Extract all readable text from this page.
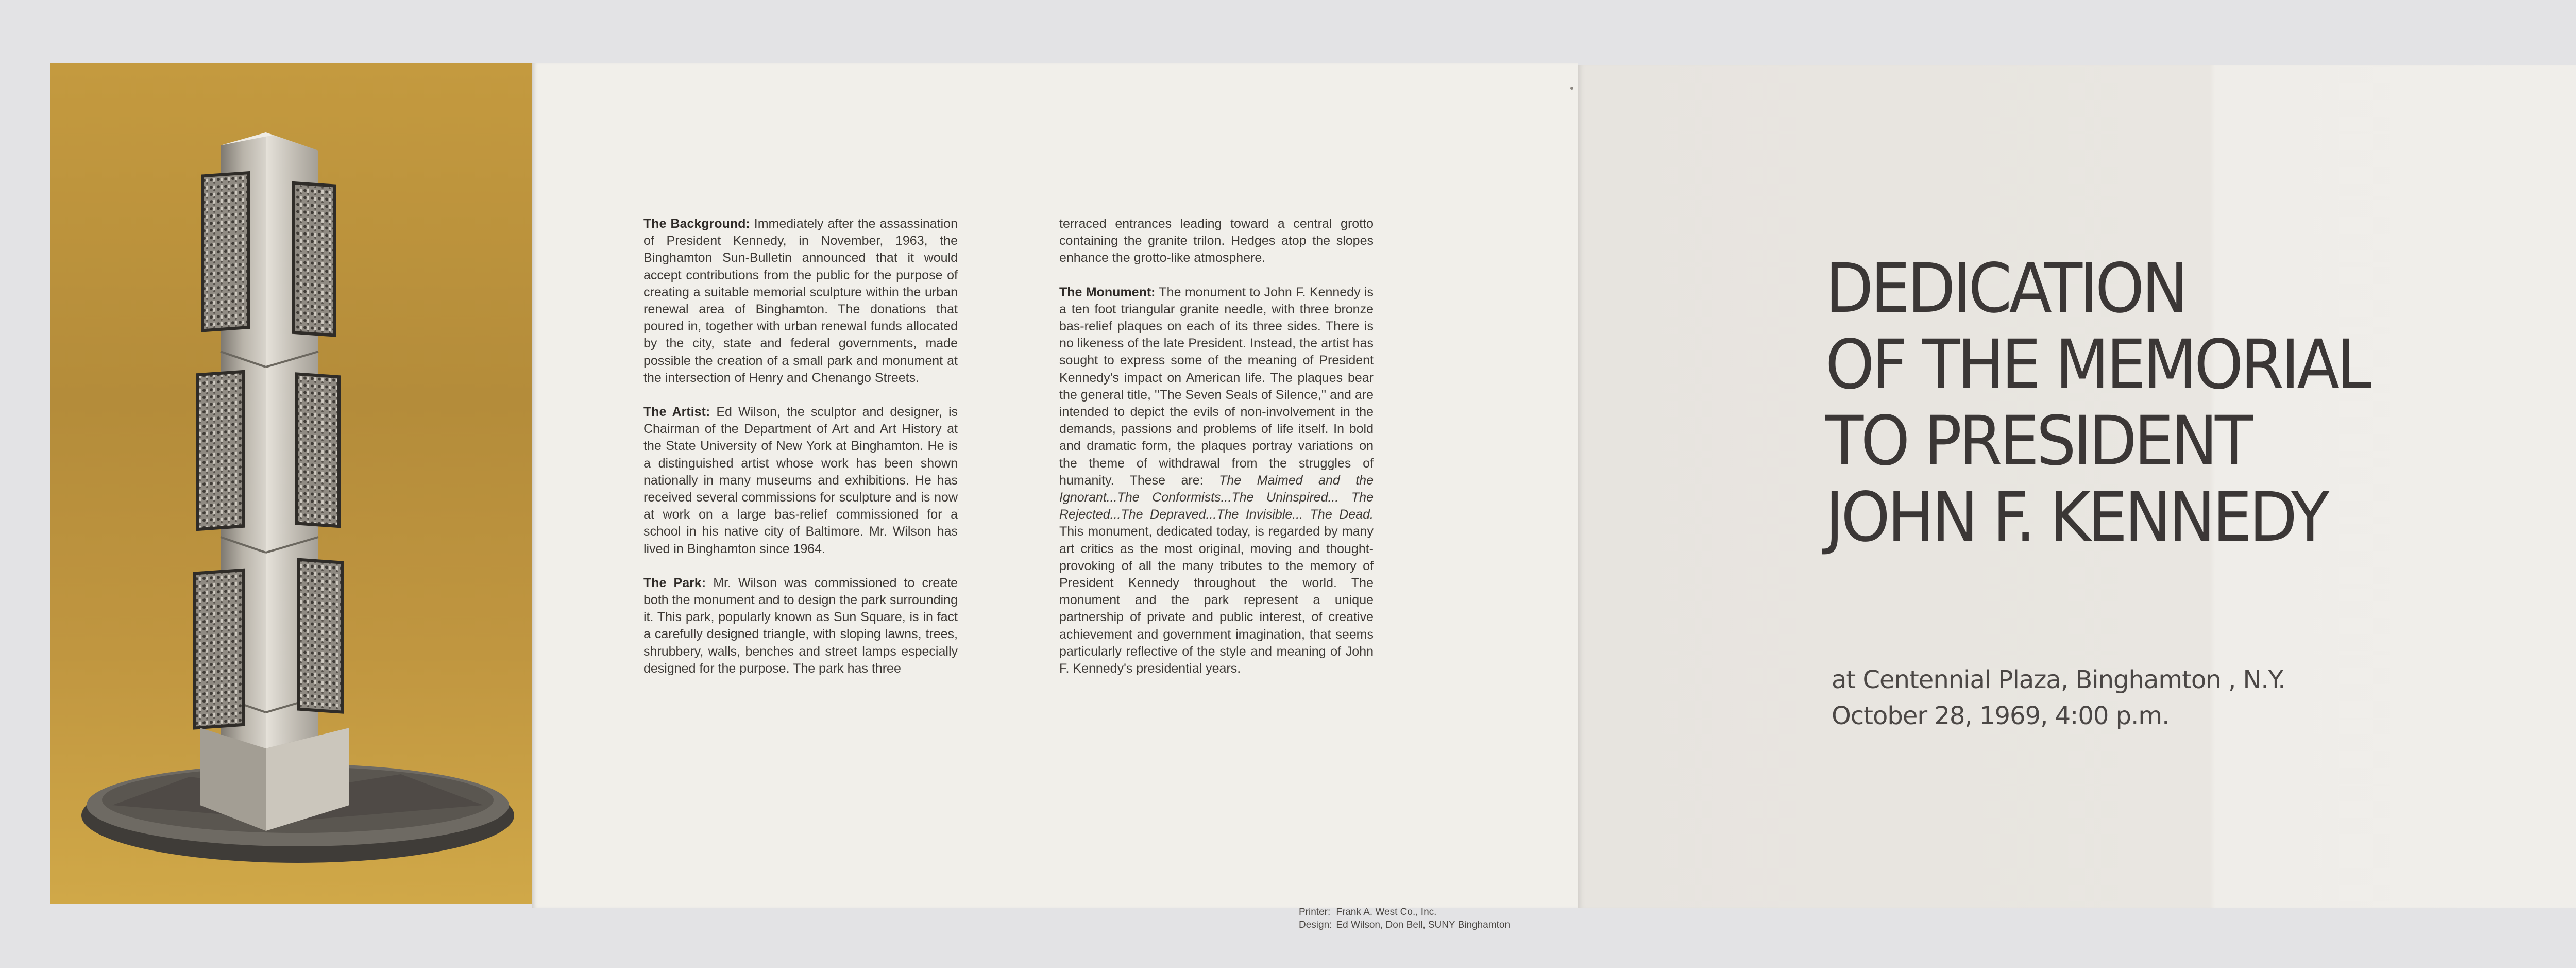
The Background: Immediately after the assassination of President Kennedy, in November, 1963, the Binghamton Sun-Bulletin announced that it would accept contributions from the public for the purpose of creating a suitable memorial sculpture within the urban renewal area of Binghamton. The donations that poured in, together with urban renewal funds allocated by the city, state and federal governments, made possible the creation of a small park and monument at the intersection of Henry and Chenango Streets.

The Artist: Ed Wilson, the sculptor and designer, is Chairman of the Department of Art and Art History at the State University of New York at Binghamton. He is a distinguished artist whose work has been shown nationally in many museums and exhibitions. He has received several commissions for sculpture and is now at work on a large bas-relief commissioned for a school in his native city of Baltimore. Mr. Wilson has lived in Binghamton since 1964.

The Park: Mr. Wilson was commissioned to create both the monument and to design the park surrounding it. This park, popularly known as Sun Square, is in fact a carefully designed triangle, with sloping lawns, trees, shrubbery, walls, benches and street lamps especially designed for the purpose. The park has three

terraced entrances leading toward a central grotto containing the granite trilon. Hedges atop the slopes enhance the grotto-like atmosphere.

The Monument: The monument to John F. Kennedy is a ten foot triangular granite needle, with three bronze bas-relief plaques on each of its three sides. There is no likeness of the late President. Instead, the artist has sought to express some of the meaning of President Kennedy's impact on American life. The plaques bear the general title, ''The Seven Seals of Silence,'' and are intended to depict the evils of non-involvement in the demands, passions and problems of life itself. In bold and dramatic form, the plaques portray variations on the theme of withdrawal from the struggles of humanity. These are: The Maimed and the Ignorant...The Conformists...The Uninspired... The Rejected...The Depraved...The Invisible... The Dead. This monument, dedicated today, is regarded by many art critics as the most original, moving and thought-provoking of all the many tributes to the memory of President Kennedy throughout the world. The monument and the park represent a unique partnership of private and public interest, of creative achievement and government imagination, that seems particularly reflective of the style and meaning of John F. Kennedy's presidential years.

Printer:	Frank A. West Co., Inc.
Design:	Ed Wilson, Don Bell, SUNY Binghamton

DEDICATION
OF THE MEMORIAL
TO PRESIDENT
JOHN F. KENNEDY
at Centennial Plaza, Binghamton , N.Y.
October 28, 1969, 4:00 p.m.
